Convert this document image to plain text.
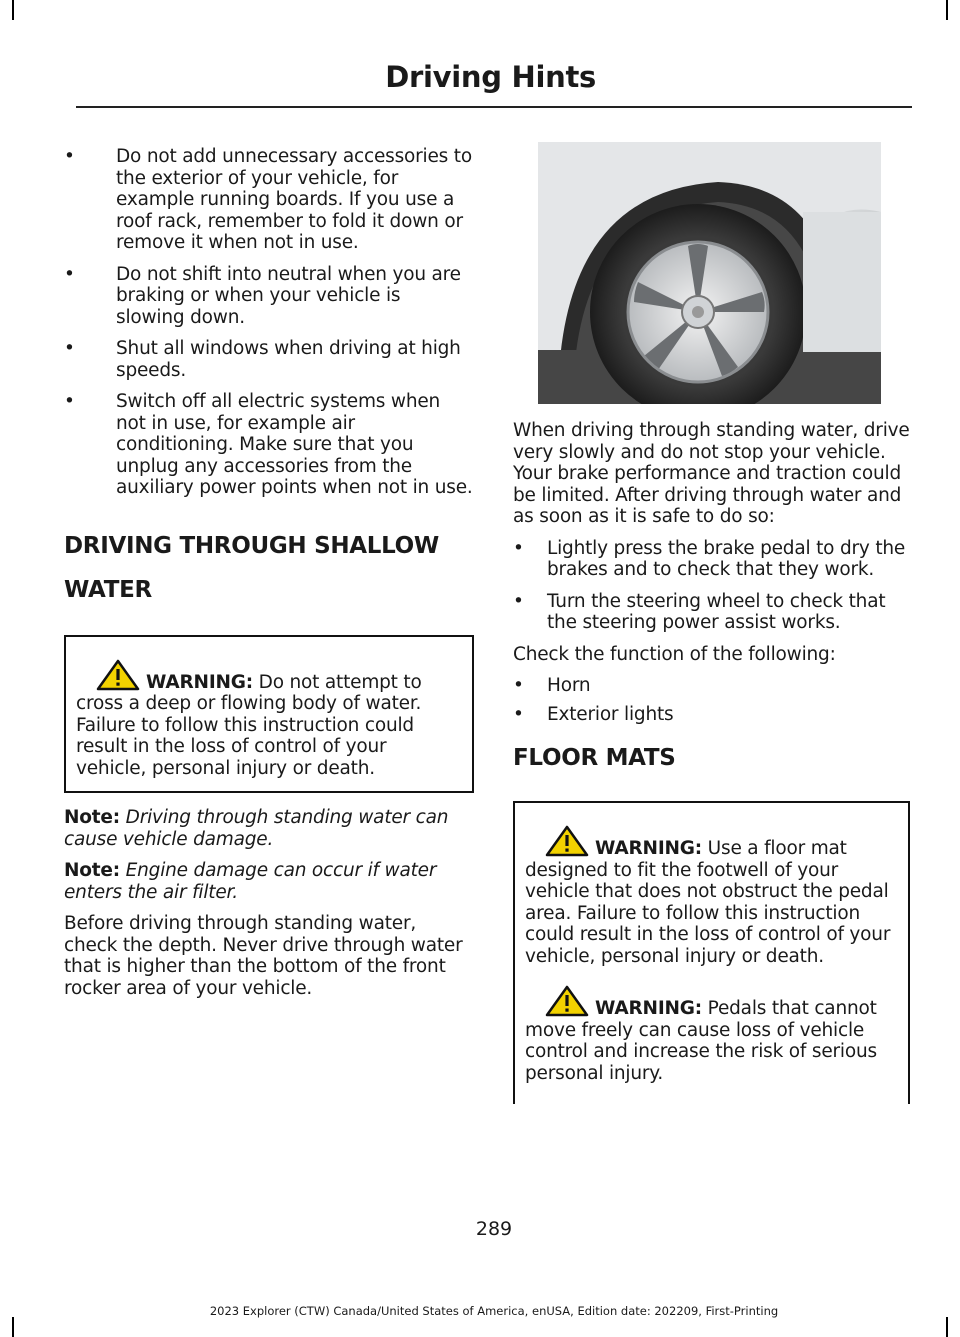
Driving Hints
•	Do not add unnecessary accessories to the exterior of your vehicle, for example running boards. If you use a roof rack, remember to fold it down or remove it when not in use.
•	Do not shift into neutral when you are braking or when your vehicle is slowing down.
•	Shut all windows when driving at high speeds.
•	Switch off all electric systems when not in use, for example air conditioning. Make sure that you unplug any accessories from the auxiliary power points when not in use.
DRIVING THROUGH SHALLOW
WATER

WARNING: Do not attempt to cross a deep or flowing body of water. Failure to follow this instruction could result in the loss of control of your vehicle, personal injury or death.

Note: Driving through standing water can cause vehicle damage.

Note: Engine damage can occur if water enters the air filter.

Before driving through standing water, check the depth. Never drive through water that is higher than the bottom of the front rocker area of your vehicle.

When driving through standing water, drive very slowly and do not stop your vehicle. Your brake performance and traction could be limited. After driving through water and as soon as it is safe to do so:

•	Lightly press the brake pedal to dry the brakes and to check that they work.
•	Turn the steering wheel to check that the steering power assist works.

Check the function of the following:

•	Horn
•	Exterior lights
FLOOR MATS

WARNING: Use a floor mat designed to fit the footwell of your vehicle that does not obstruct the pedal area. Failure to follow this instruction could result in the loss of control of your vehicle, personal injury or death.

WARNING: Pedals that cannot move freely can cause loss of vehicle control and increase the risk of serious personal injury.

289
2023 Explorer (CTW) Canada/United States of America, enUSA, Edition date: 202209, First-Printing
